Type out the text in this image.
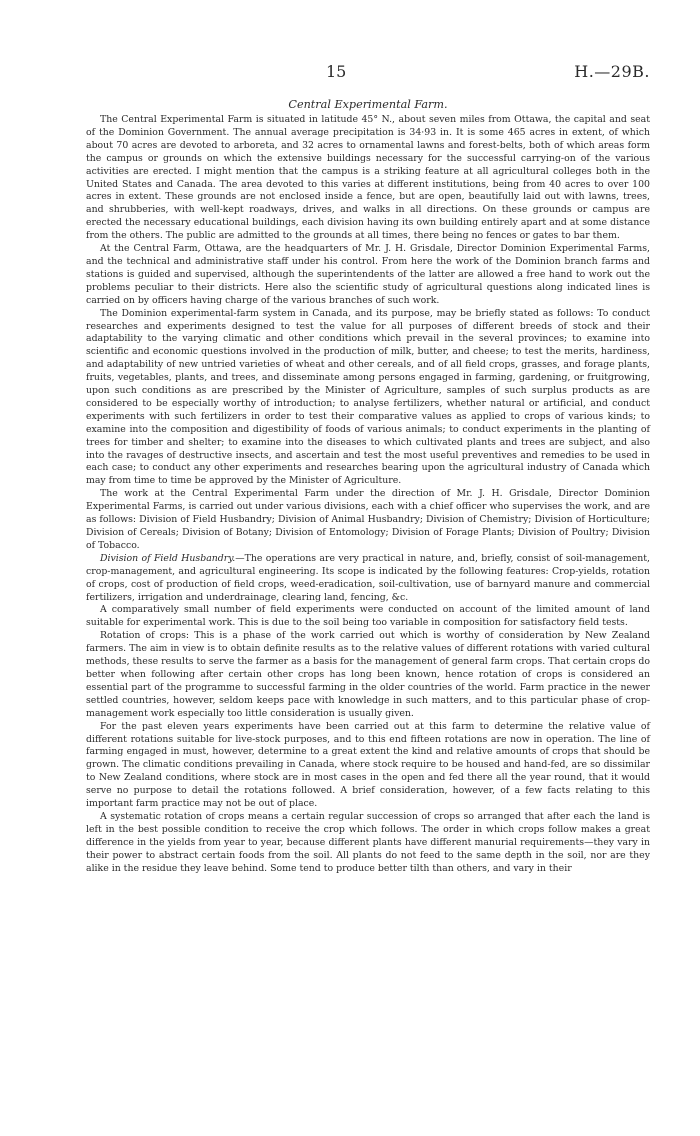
15	H.—29B.
Central Experimental Farm.

The Central Experimental Farm is situated in latitude 45° N., about seven miles from Ottawa, the capital and seat of the Dominion Government. The annual average precipitation is 34·93 in. It is some 465 acres in extent, of which about 70 acres are devoted to arboreta, and 32 acres to ornamental lawns and forest-belts, both of which areas form the campus or grounds on which the extensive buildings necessary for the successful carrying-on of the various activities are erected. I might mention that the campus is a striking feature at all agricultural colleges both in the United States and Canada. The area devoted to this varies at different institutions, being from 40 acres to over 100 acres in extent. These grounds are not enclosed inside a fence, but are open, beautifully laid out with lawns, trees, and shrubberies, with well-kept roadways, drives, and walks in all directions. On these grounds or campus are erected the necessary educational buildings, each division having its own building entirely apart and at some distance from the others. The public are admitted to the grounds at all times, there being no fences or gates to bar them.

At the Central Farm, Ottawa, are the headquarters of Mr. J. H. Grisdale, Director Dominion Experimental Farms, and the technical and administrative staff under his control. From here the work of the Dominion branch farms and stations is guided and supervised, although the superintendents of the latter are allowed a free hand to work out the problems peculiar to their districts. Here also the scientific study of agricultural questions along indicated lines is carried on by officers having charge of the various branches of such work.

The Dominion experimental-farm system in Canada, and its purpose, may be briefly stated as follows: To conduct researches and experiments designed to test the value for all purposes of different breeds of stock and their adaptability to the varying climatic and other conditions which prevail in the several provinces; to examine into scientific and economic questions involved in the production of milk, butter, and cheese; to test the merits, hardiness, and adaptability of new untried varieties of wheat and other cereals, and of all field crops, grasses, and forage plants, fruits, vegetables, plants, and trees, and disseminate among persons engaged in farming, gardening, or fruitgrowing, upon such conditions as are prescribed by the Minister of Agriculture, samples of such surplus products as are considered to be especially worthy of introduction; to analyse fertilizers, whether natural or artificial, and conduct experiments with such fertilizers in order to test their comparative values as applied to crops of various kinds; to examine into the composition and digestibility of foods of various animals; to conduct experiments in the planting of trees for timber and shelter; to examine into the diseases to which cultivated plants and trees are subject, and also into the ravages of destructive insects, and ascertain and test the most useful preventives and remedies to be used in each case; to conduct any other experiments and researches bearing upon the agricultural industry of Canada which may from time to time be approved by the Minister of Agriculture.

The work at the Central Experimental Farm under the direction of Mr. J. H. Grisdale, Director Dominion Experimental Farms, is carried out under various divisions, each with a chief officer who supervises the work, and are as follows: Division of Field Husbandry; Division of Animal Husbandry; Division of Chemistry; Division of Horticulture; Division of Cereals; Division of Botany; Division of Entomology; Division of Forage Plants; Division of Poultry; Division of Tobacco.

Division of Field Husbandry.—The operations are very practical in nature, and, briefly, consist of soil-management, crop-management, and agricultural engineering. Its scope is indicated by the following features: Crop-yields, rotation of crops, cost of production of field crops, weed-eradication, soil-cultivation, use of barnyard manure and commercial fertilizers, irrigation and underdrainage, clearing land, fencing, &c.

A comparatively small number of field experiments were conducted on account of the limited amount of land suitable for experimental work. This is due to the soil being too variable in composition for satisfactory field tests.

Rotation of crops: This is a phase of the work carried out which is worthy of consideration by New Zealand farmers. The aim in view is to obtain definite results as to the relative values of different rotations with varied cultural methods, these results to serve the farmer as a basis for the management of general farm crops. That certain crops do better when following after certain other crops has long been known, hence rotation of crops is considered an essential part of the programme to successful farming in the older countries of the world. Farm practice in the newer settled countries, however, seldom keeps pace with knowledge in such matters, and to this particular phase of crop-management work especially too little consideration is usually given.

For the past eleven years experiments have been carried out at this farm to determine the relative value of different rotations suitable for live-stock purposes, and to this end fifteen rotations are now in operation. The line of farming engaged in must, however, determine to a great extent the kind and relative amounts of crops that should be grown. The climatic conditions prevailing in Canada, where stock require to be housed and hand-fed, are so dissimilar to New Zealand conditions, where stock are in most cases in the open and fed there all the year round, that it would serve no purpose to detail the rotations followed. A brief consideration, however, of a few facts relating to this important farm practice may not be out of place.

A systematic rotation of crops means a certain regular succession of crops so arranged that after each the land is left in the best possible condition to receive the crop which follows. The order in which crops follow makes a great difference in the yields from year to year, because different plants have different manurial requirements—they vary in their power to abstract certain foods from the soil. All plants do not feed to the same depth in the soil, nor are they alike in the residue they leave behind. Some tend to produce better tilth than others, and vary in their
